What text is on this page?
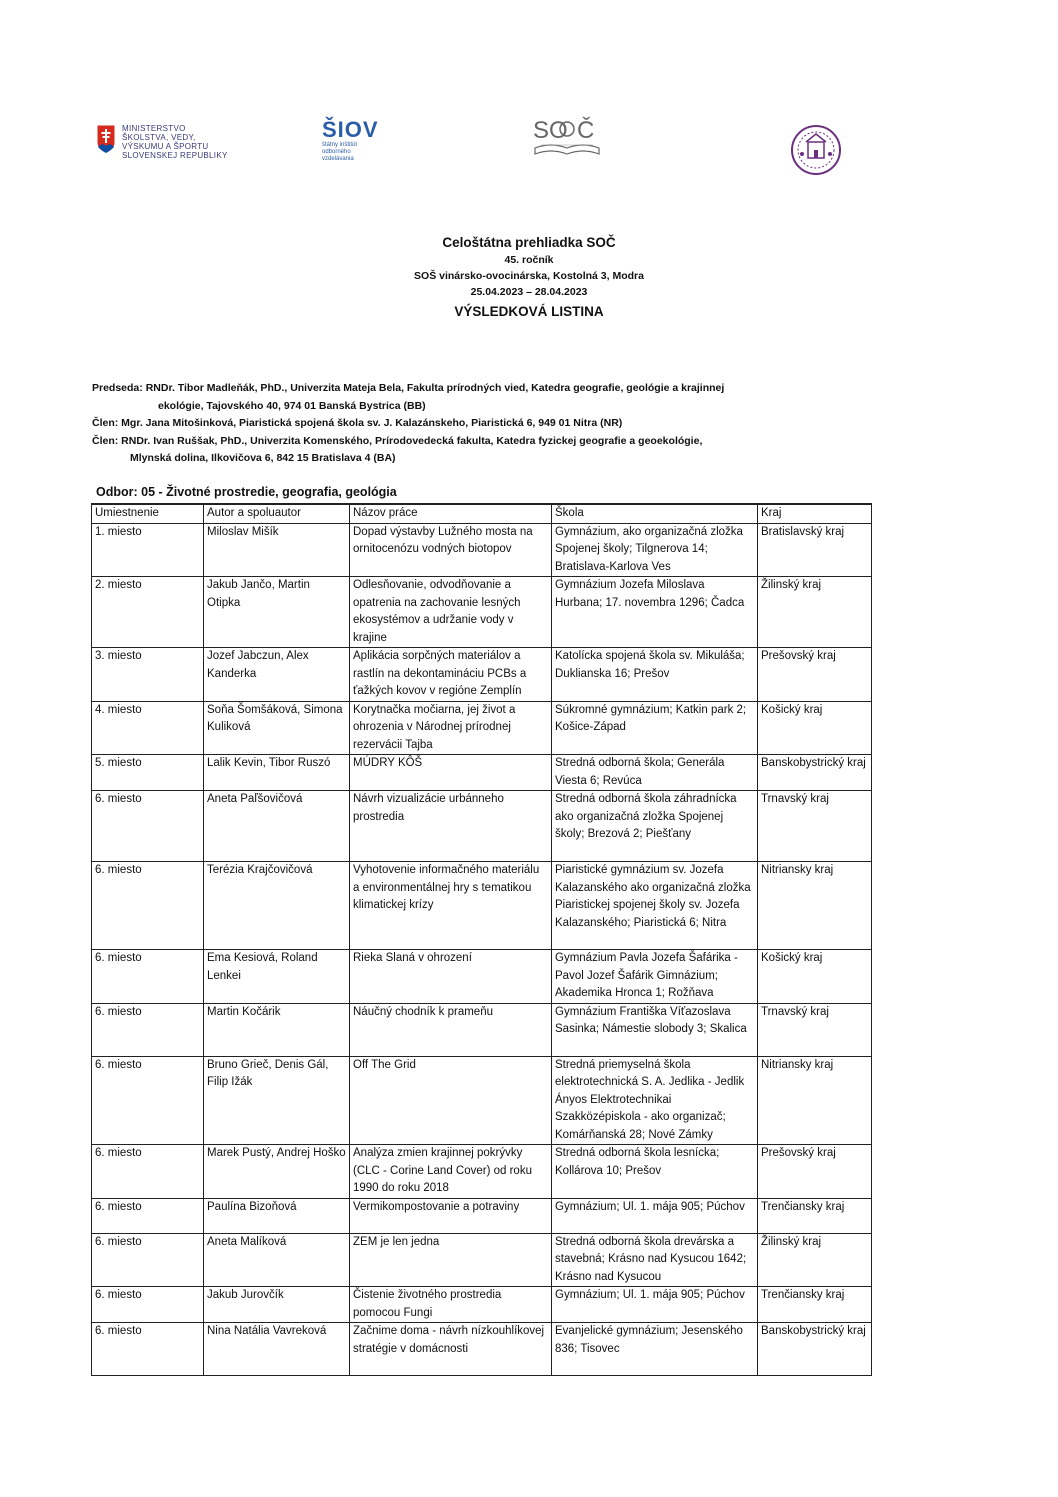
MINISTERSTVO
ŠKOLSTVA, VEDY,
VÝSKUMU A ŠPORTU
SLOVENSKEJ REPUBLIKY
ŠIOV
štátny inštitút
odborného
vzdelávania
SO Č
Celoštátna prehliadka SOČ
45. ročník
SOŠ vinársko-ovocinárska, Kostolná 3, Modra
25.04.2023 – 28.04.2023
VÝSLEDKOVÁ LISTINA
Predseda: RNDr. Tibor Madleňák, PhD., Univerzita Mateja Bela, Fakulta prírodných vied, Katedra geografie, geológie a krajinnej
ekológie, Tajovského 40, 974 01 Banská Bystrica (BB)
Člen: Mgr. Jana Mitošinková, Piaristická spojená škola sv. J. Kalazánskeho, Piaristická 6, 949 01 Nitra (NR)
Člen: RNDr. Ivan Ruššak, PhD., Univerzita Komenského, Prírodovedecká fakulta, Katedra fyzickej geografie a geoekológie,
Mlynská dolina, Ilkovičova 6, 842 15 Bratislava 4 (BA)
Odbor: 05 - Životné prostredie, geografia, geológia
Umiestnenie	Autor a spoluautor	Názov práce	Škola	Kraj
1. miesto	Miloslav Mišík	Dopad výstavby Lužného mosta na ornitocenózu vodných biotopov	Gymnázium, ako organizačná zložka Spojenej školy; Tilgnerova 14; Bratislava-Karlova Ves	Bratislavský kraj
2. miesto	Jakub Jančo, Martin Otipka	Odlesňovanie, odvodňovanie a opatrenia na zachovanie lesných ekosystémov a udržanie vody v krajine	Gymnázium Jozefa Miloslava Hurbana; 17. novembra 1296; Čadca	Žilinský kraj
3. miesto	Jozef Jabczun, Alex Kanderka	Aplikácia sorpčných materiálov a rastlín na dekontamináciu PCBs a ťažkých kovov v regióne Zemplín	Katolícka spojená škola sv. Mikuláša; Duklianska 16; Prešov	Prešovský kraj
4. miesto	Soňa Šomšáková, Simona Kuliková	Korytnačka močiarna, jej život a ohrozenia v Národnej prírodnej rezervácii Tajba	Súkromné gymnázium; Katkin park 2; Košice-Západ	Košický kraj
5. miesto	Lalik Kevin, Tibor Ruszó	MÚDRY KÔŠ	Stredná odborná škola; Generála Viesta 6; Revúca	Banskobystrický kraj
6. miesto	Aneta Paľšovičová	Návrh vizualizácie urbánneho prostredia	Stredná odborná škola záhradnícka ako organizačná zložka Spojenej školy; Brezová 2; Piešťany	Trnavský kraj
6. miesto	Terézia Krajčovičová	Vyhotovenie informačného materiálu a environmentálnej hry s tematikou klimatickej krízy	Piaristické gymnázium sv. Jozefa Kalazanského ako organizačná zložka Piaristickej spojenej školy sv. Jozefa Kalazanského; Piaristická 6; Nitra	Nitriansky kraj
6. miesto	Ema Kesiová, Roland Lenkei	Rieka Slaná v ohrození	Gymnázium Pavla Jozefa Šafárika - Pavol Jozef Šafárik Gimnázium; Akademika Hronca 1; Rožňava	Košický kraj
6. miesto	Martin Kočárik	Náučný chodník k prameňu	Gymnázium Františka Víťazoslava Sasinka; Námestie slobody 3; Skalica	Trnavský kraj
6. miesto	Bruno Grieč, Denis Gál, Filip Ižák	Off The Grid	Stredná priemyselná škola elektrotechnická S. A. Jedlika - Jedlik Ányos Elektrotechnikai Szakközépiskola - ako organizač; Komárňanská 28; Nové Zámky	Nitriansky kraj
6. miesto	Marek Pustý, Andrej Hoško	Analýza zmien krajinnej pokrývky (CLC - Corine Land Cover) od roku 1990 do roku 2018	Stredná odborná škola lesnícka; Kollárova 10; Prešov	Prešovský kraj
6. miesto	Paulína Bizoňová	Vermikompostovanie a potraviny	Gymnázium; Ul. 1. mája 905; Púchov	Trenčiansky kraj
6. miesto	Aneta Malíková	ZEM je len jedna	Stredná odborná škola drevárska a stavebná; Krásno nad Kysucou 1642; Krásno nad Kysucou	Žilinský kraj
6. miesto	Jakub Jurovčík	Čistenie životného prostredia pomocou Fungi	Gymnázium; Ul. 1. mája 905; Púchov	Trenčiansky kraj
6. miesto	Nina Natália Vavreková	Začnime doma - návrh nízkouhlíkovej stratégie v domácnosti	Evanjelické gymnázium; Jesenského 836; Tisovec	Banskobystrický kraj
